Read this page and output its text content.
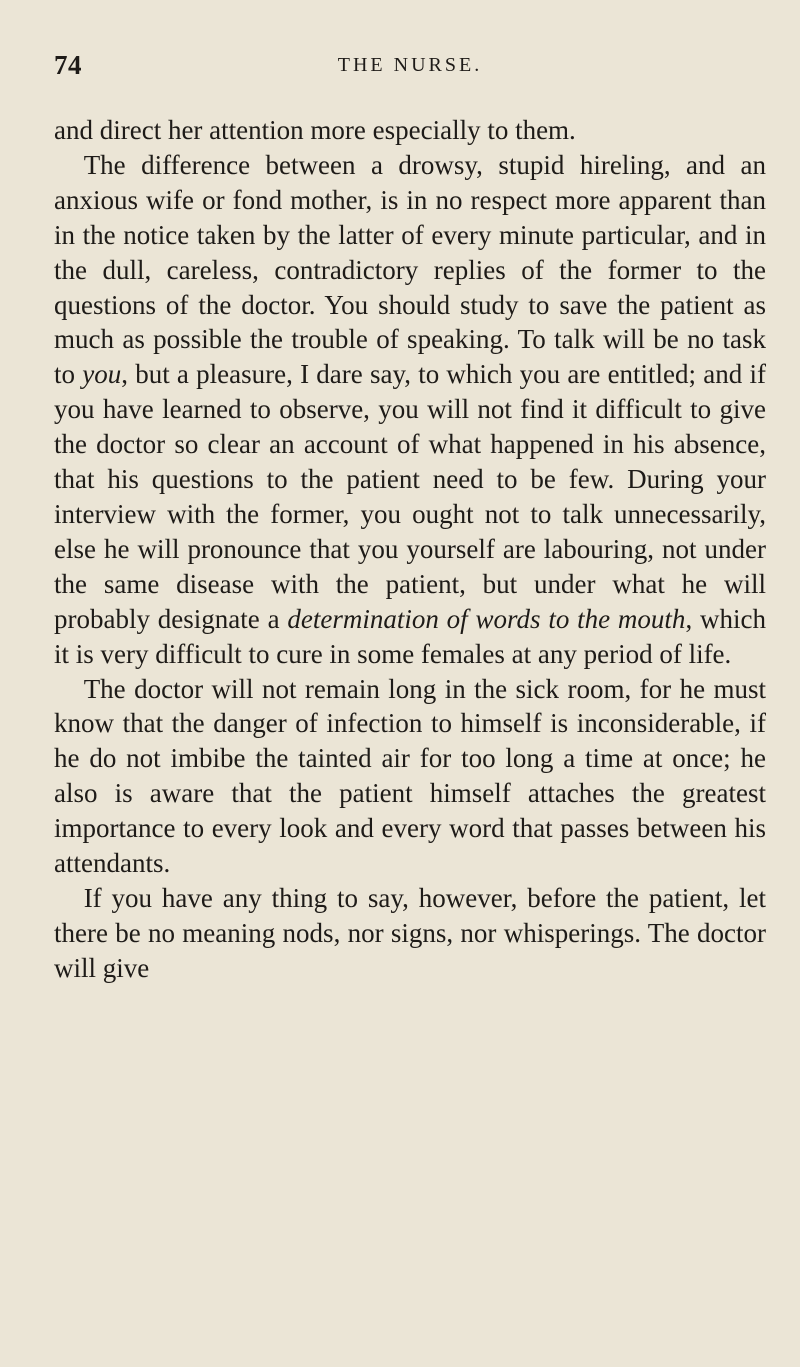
74	THE NURSE.

and direct her attention more especially to them.

The difference between a drowsy, stupid hireling, and an anxious wife or fond mother, is in no respect more apparent than in the notice taken by the latter of every minute particular, and in the dull, careless, contradictory replies of the former to the questions of the doctor. You should study to save the patient as much as possible the trouble of speaking. To talk will be no task to you, but a pleasure, I dare say, to which you are entitled; and if you have learned to observe, you will not find it difficult to give the doctor so clear an account of what happened in his absence, that his questions to the patient need to be few. During your interview with the former, you ought not to talk unnecessarily, else he will pronounce that you yourself are labouring, not under the same disease with the patient, but under what he will probably designate a determination of words to the mouth, which it is very difficult to cure in some females at any period of life.

The doctor will not remain long in the sick room, for he must know that the danger of infection to himself is inconsiderable, if he do not imbibe the tainted air for too long a time at once; he also is aware that the patient himself attaches the greatest importance to every look and every word that passes between his attendants.

If you have any thing to say, however, before the patient, let there be no meaning nods, nor signs, nor whisperings. The doctor will give
